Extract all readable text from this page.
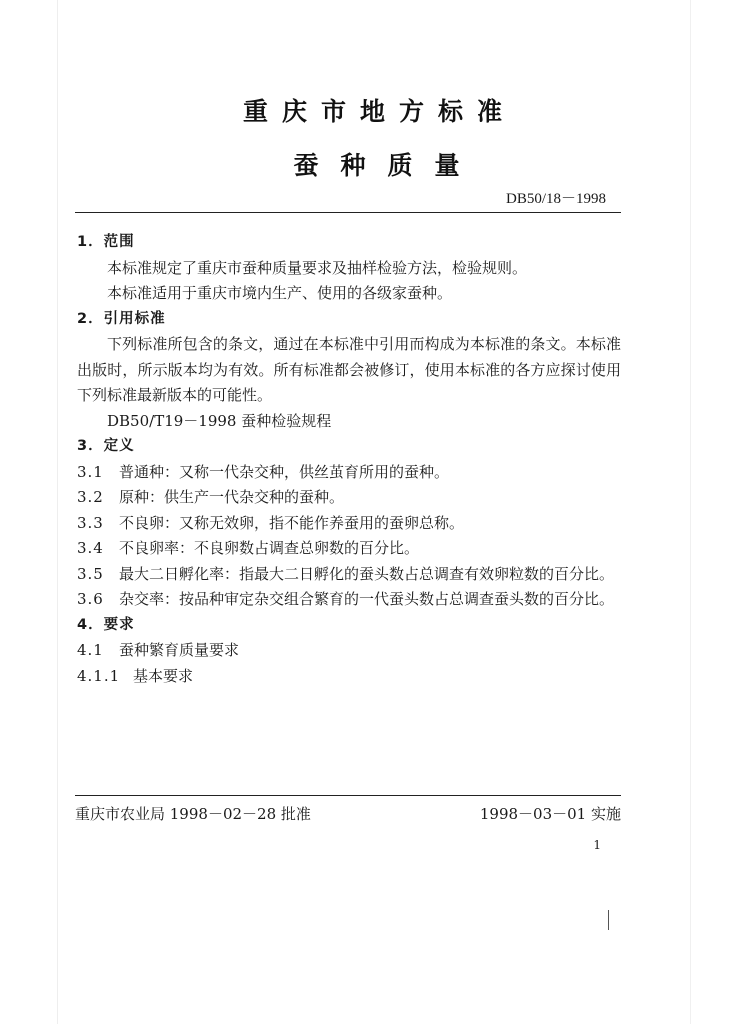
重庆市地方标准
蚕种质量
DB50/18－1998
1．范围
本标准规定了重庆市蚕种质量要求及抽样检验方法，检验规则。
本标准适用于重庆市境内生产、使用的各级家蚕种。
2．引用标准
下列标准所包含的条文，通过在本标准中引用而构成为本标准的条文。本标准出版时，所示版本均为有效。所有标准都会被修订，使用本标准的各方应探讨使用下列标准最新版本的可能性。
DB50/T19－1998 蚕种检验规程
3．定义
3.1	普通种：又称一代杂交种，供丝茧育所用的蚕种。
3.2	原种：供生产一代杂交种的蚕种。
3.3	不良卵：又称无效卵，指不能作养蚕用的蚕卵总称。
3.4	不良卵率：不良卵数占调查总卵数的百分比。
3.5 最大二日孵化率：指最大二日孵化的蚕头数占总调查有效卵粒数的百分比。
3.6 杂交率：按品种审定杂交组合繁育的一代蚕头数占总调查蚕头数的百分比。
4．要求
4.1	蚕种繁育质量要求
4.1.1 基本要求
重庆市农业局 1998－02－28 批准	1998－03－01 实施
1
